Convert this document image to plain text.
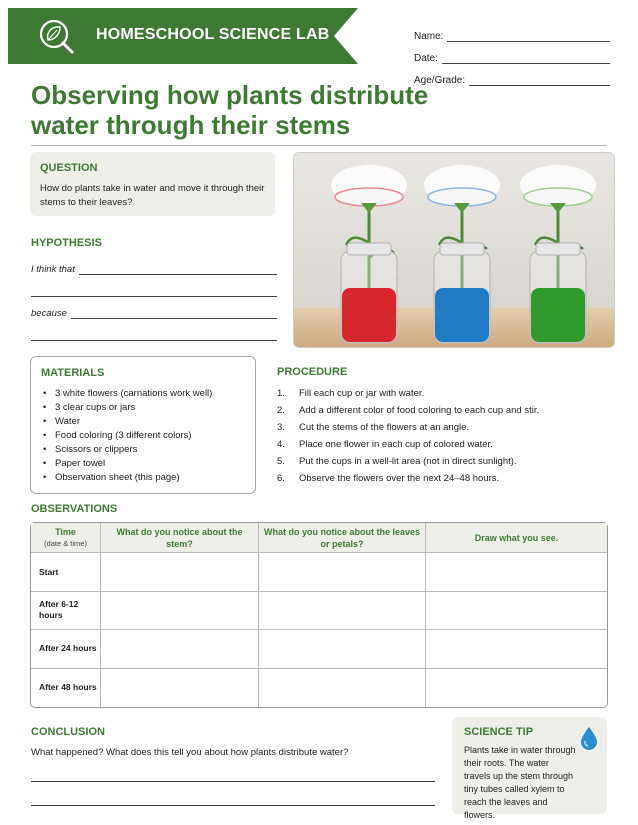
HOMESCHOOL SCIENCE LAB	Name:
Date:
Age/Grade:
Observing how plants distribute
water through their stems
QUESTION
How do plants take in water and move it through their stems to their leaves?
HYPOTHESIS
I think that
because
MATERIALS
• 3 white flowers (carnations work well)
• 3 clear cups or jars
• Water
• Food coloring (3 different colors)
• Scissors or clippers
• Paper towel
• Observation sheet (this page)
PROCEDURE
1.	Fill each cup or jar with water.
2.	Add a different color of food coloring to each cup and stir.
3.	Cut the stems of the flowers at an angle.
4.	Place one flower in each cup of colored water.
5.	Put the cups in a well-lit area (not in direct sunlight).
6.	Observe the flowers over the next 24–48 hours.
OBSERVATIONS
Time
(date & time)	What do you notice about the stem?	What do you notice about the leaves or petals?	Draw what you see.
Start			
After 6-12 hours			
After 24 hours			
After 48 hours			
CONCLUSION
What happened? What does this tell you about how plants distribute water?
SCIENCE TIP
Plants take in water through their roots. The water travels up the stem through tiny tubes called xylem to reach the leaves and flowers.
